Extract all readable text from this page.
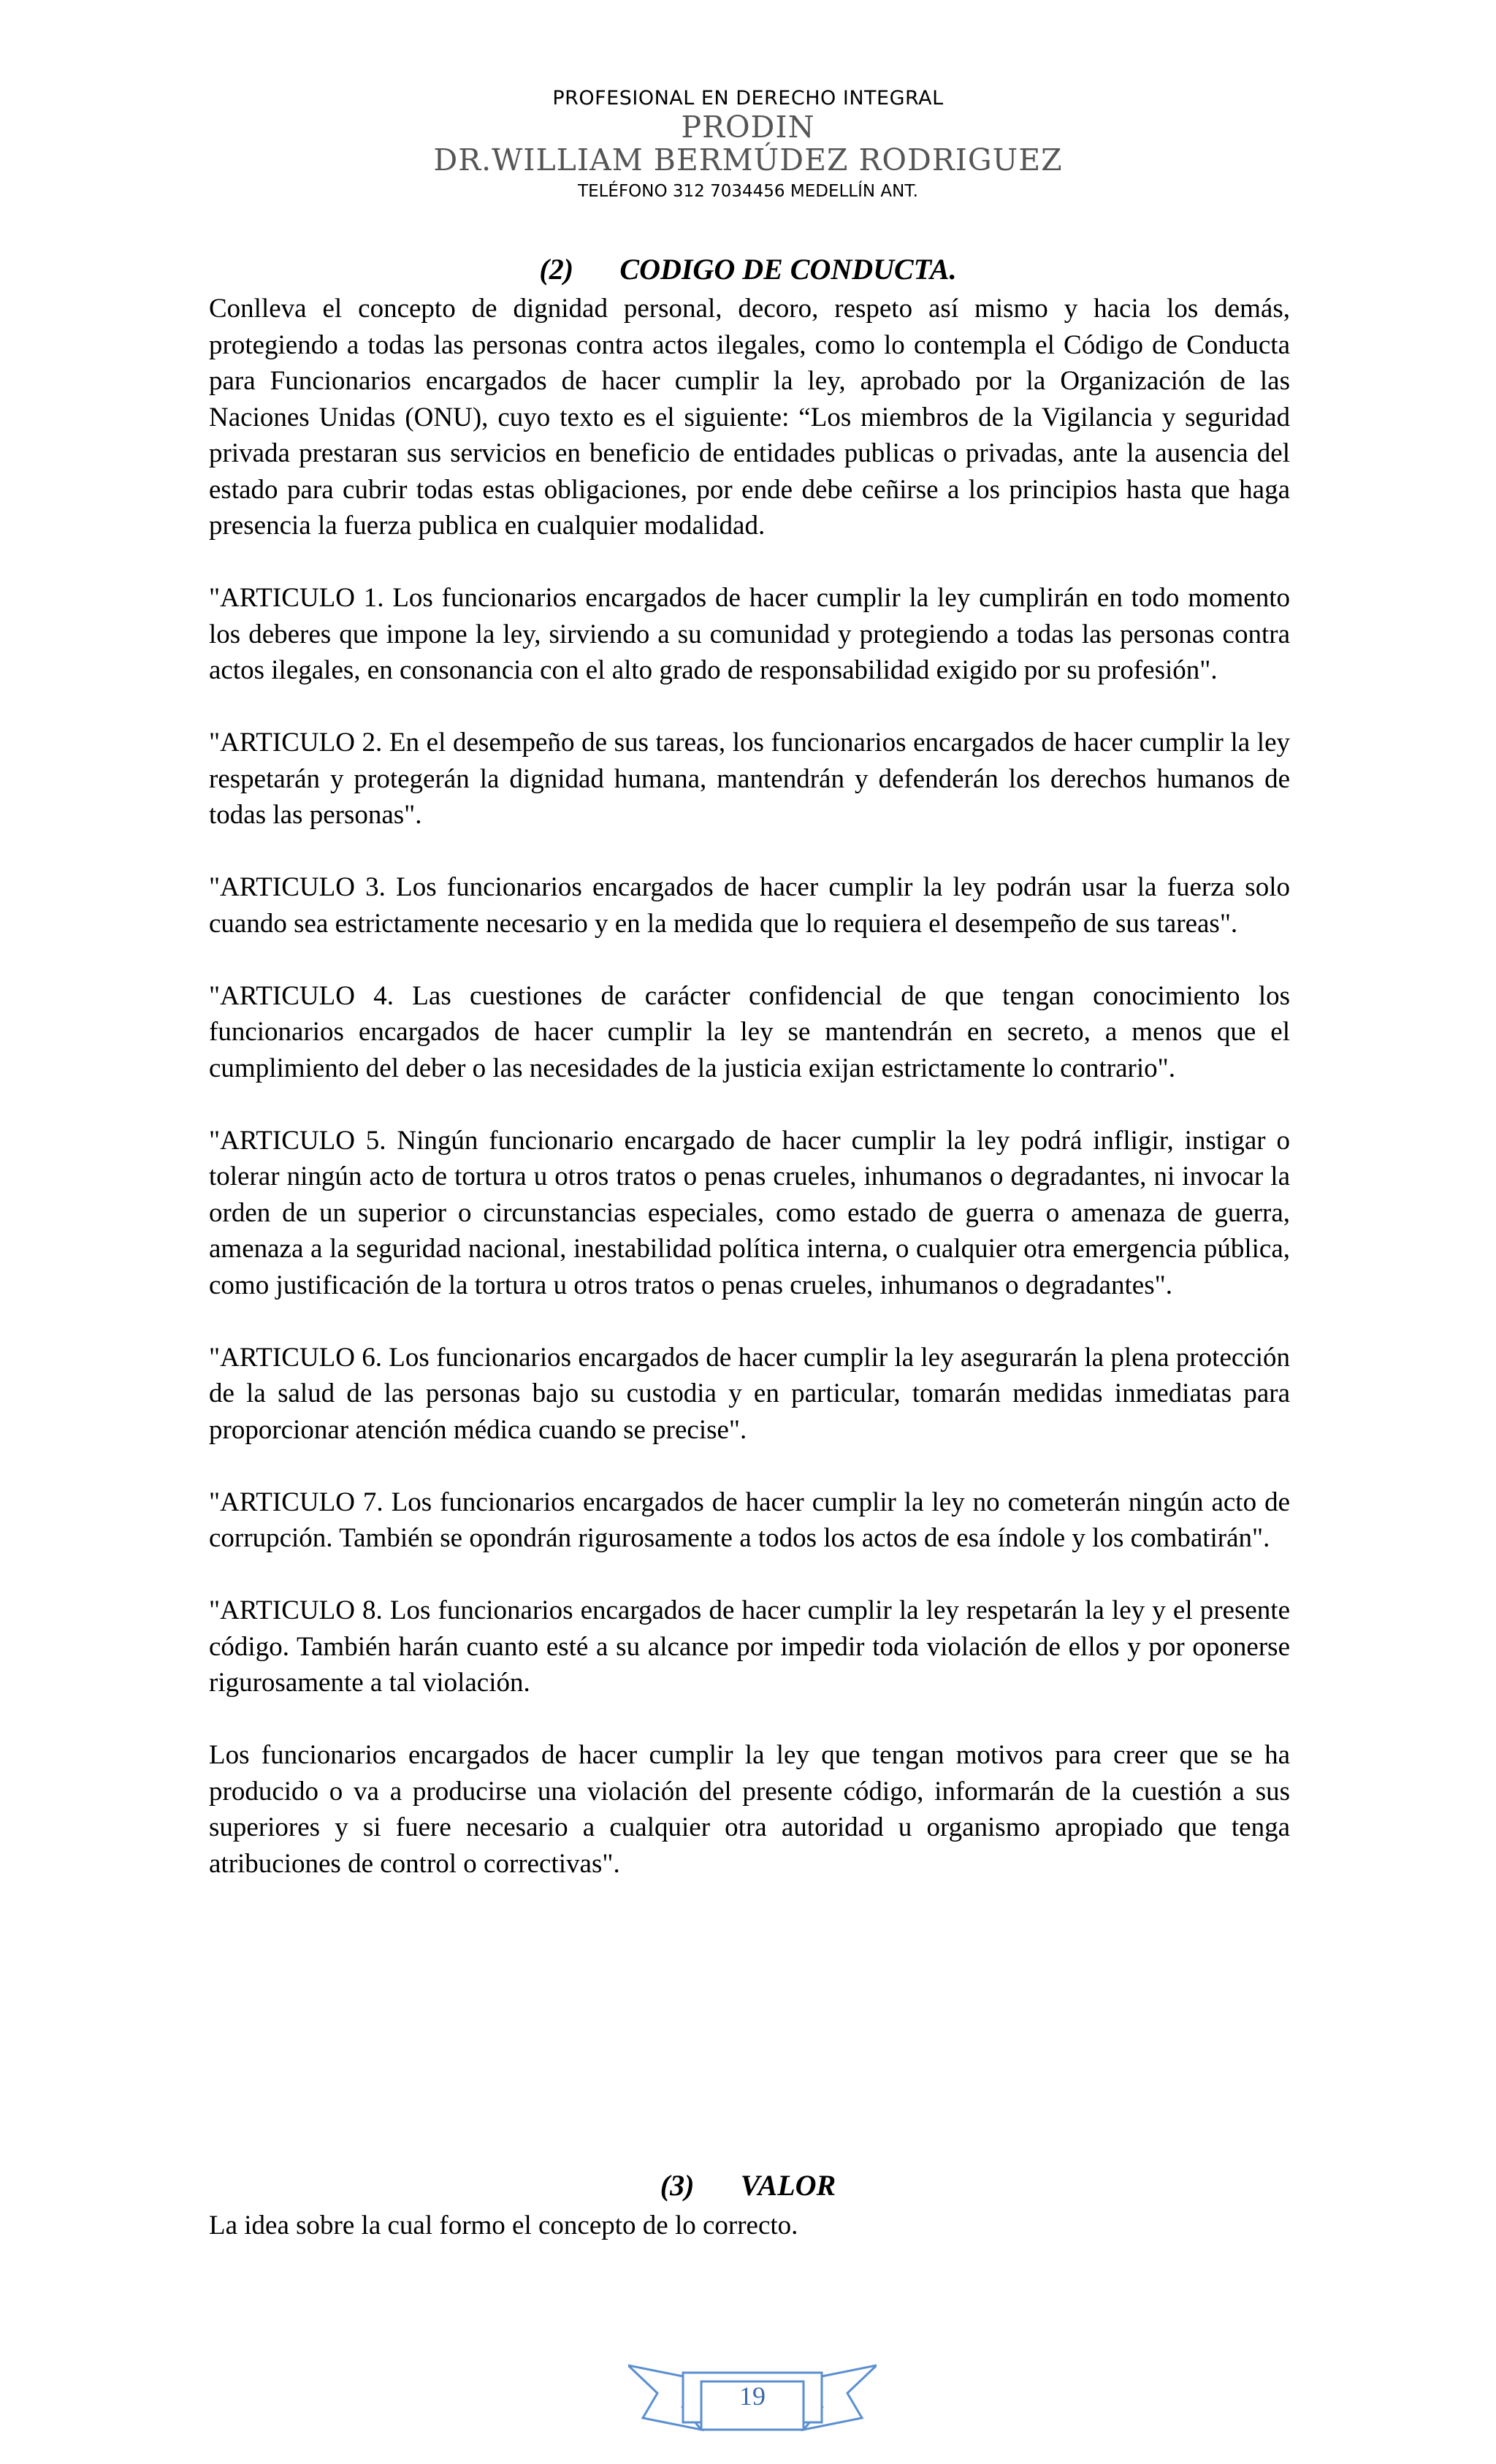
PROFESIONAL EN DERECHO INTEGRAL
PRODIN
DR.WILLIAM BERMÚDEZ RODRIGUEZ
TELÉFONO 312 7034456 MEDELLÍN ANT.
(2) CODIGO DE CONDUCTA.

Conlleva el concepto de dignidad personal, decoro, respeto así mismo y hacia los demás, protegiendo a todas las personas contra actos ilegales, como lo contempla el Código de Conducta para Funcionarios encargados de hacer cumplir la ley, aprobado por la Organización de las Naciones Unidas (ONU), cuyo texto es el siguiente: “Los miembros de la Vigilancia y seguridad privada prestaran sus servicios en beneficio de entidades publicas o privadas, ante la ausencia del estado para cubrir todas estas obligaciones, por ende debe ceñirse a los principios hasta que haga presencia la fuerza publica en cualquier modalidad.

"ARTICULO 1. Los funcionarios encargados de hacer cumplir la ley cumplirán en todo momento los deberes que impone la ley, sirviendo a su comunidad y protegiendo a todas las personas contra actos ilegales, en consonancia con el alto grado de responsabilidad exigido por su profesión".

"ARTICULO 2. En el desempeño de sus tareas, los funcionarios encargados de hacer cumplir la ley respetarán y protegerán la dignidad humana, mantendrán y defenderán los derechos humanos de todas las personas".

"ARTICULO 3. Los funcionarios encargados de hacer cumplir la ley podrán usar la fuerza solo cuando sea estrictamente necesario y en la medida que lo requiera el desempeño de sus tareas".

"ARTICULO 4. Las cuestiones de carácter confidencial de que tengan conocimiento los funcionarios encargados de hacer cumplir la ley se mantendrán en secreto, a menos que el cumplimiento del deber o las necesidades de la justicia exijan estrictamente lo contrario".

"ARTICULO 5. Ningún funcionario encargado de hacer cumplir la ley podrá infligir, instigar o tolerar ningún acto de tortura u otros tratos o penas crueles, inhumanos o degradantes, ni invocar la orden de un superior o circunstancias especiales, como estado de guerra o amenaza de guerra, amenaza a la seguridad nacional, inestabilidad política interna, o cualquier otra emergencia pública, como justificación de la tortura u otros tratos o penas crueles, inhumanos o degradantes".

"ARTICULO 6. Los funcionarios encargados de hacer cumplir la ley asegurarán la plena protección de la salud de las personas bajo su custodia y en particular, tomarán medidas inmediatas para proporcionar atención médica cuando se precise".

"ARTICULO 7. Los funcionarios encargados de hacer cumplir la ley no cometerán ningún acto de corrupción. También se opondrán rigurosamente a todos los actos de esa índole y los combatirán".

"ARTICULO 8. Los funcionarios encargados de hacer cumplir la ley respetarán la ley y el presente código. También harán cuanto esté a su alcance por impedir toda violación de ellos y por oponerse rigurosamente a tal violación.

Los funcionarios encargados de hacer cumplir la ley que tengan motivos para creer que se ha producido o va a producirse una violación del presente código, informarán de la cuestión a sus superiores y si fuere necesario a cualquier otra autoridad u organismo apropiado que tenga atribuciones de control o correctivas".

(3) VALOR

La idea sobre la cual formo el concepto de lo correcto.

19
